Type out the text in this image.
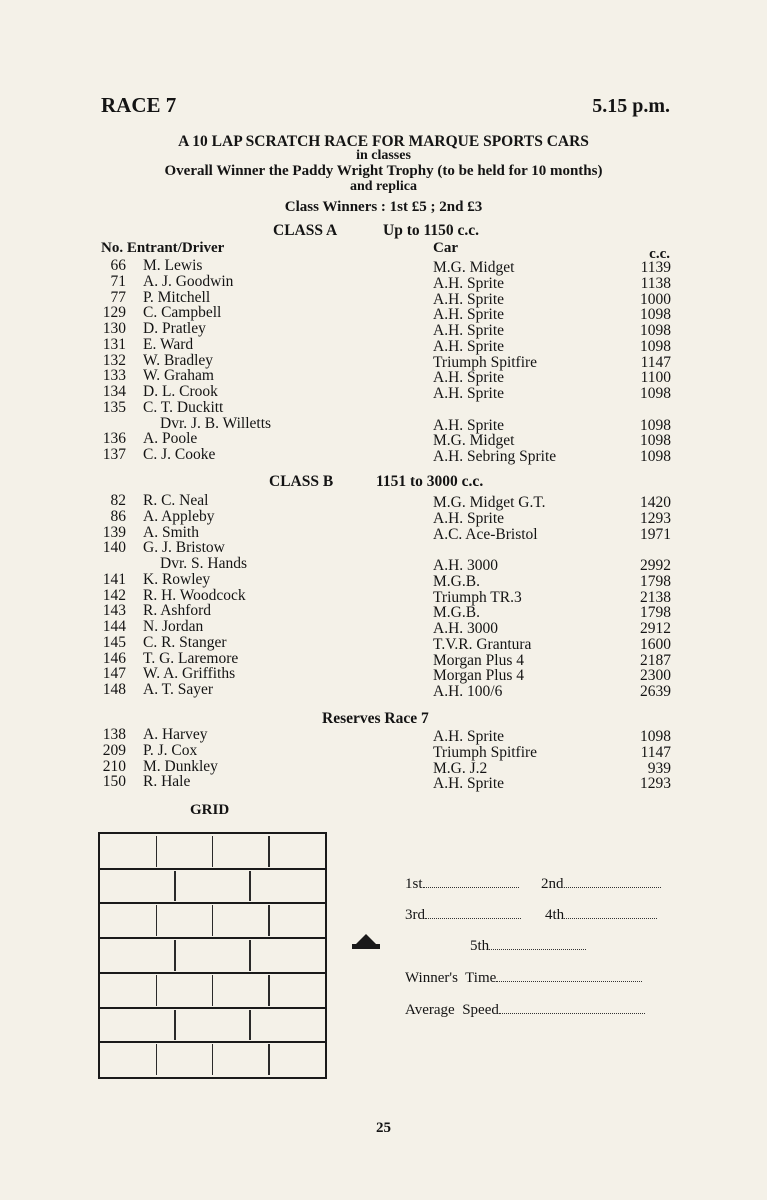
RACE 7	5.15 p.m.
A 10 LAP SCRATCH RACE FOR MARQUE SPORTS CARS
in classes
Overall Winner the Paddy Wright Trophy (to be held for 10 months)
and replica
Class Winners : 1st £5 ; 2nd £3
CLASS A	Up to 1150 c.c.
No. Entrant/Driver	Car	c.c.
66 M. Lewis	M.G. Midget	1139
71 A. J. Goodwin	A.H. Sprite	1138
77 P. Mitchell	A.H. Sprite	1000
129 C. Campbell	A.H. Sprite	1098
130 D. Pratley	A.H. Sprite	1098
131 E. Ward	A.H. Sprite	1098
132 W. Bradley	Triumph Spitfire	1147
133 W. Graham	A.H. Sprite	1100
134 D. L. Crook	A.H. Sprite	1098
135 C. T. Duckitt
Dvr. J. B. Willetts	A.H. Sprite	1098
136 A. Poole	M.G. Midget	1098
137 C. J. Cooke	A.H. Sebring Sprite	1098
CLASS B	1151 to 3000 c.c.
82 R. C. Neal	M.G. Midget G.T.	1420
86 A. Appleby	A.H. Sprite	1293
139 A. Smith	A.C. Ace-Bristol	1971
140 G. J. Bristow
Dvr. S. Hands	A.H. 3000	2992
141 K. Rowley	M.G.B.	1798
142 R. H. Woodcock	Triumph TR.3	2138
143 R. Ashford	M.G.B.	1798
144 N. Jordan	A.H. 3000	2912
145 C. R. Stanger	T.V.R. Grantura	1600
146 T. G. Laremore	Morgan Plus 4	2187
147 W. A. Griffiths	Morgan Plus 4	2300
148 A. T. Sayer	A.H. 100/6	2639
Reserves Race 7
138 A. Harvey	A.H. Sprite	1098
209 P. J. Cox	Triumph Spitfire	1147
210 M. Dunkley	M.G. J.2	939
150 R. Hale	A.H. Sprite	1293
GRID
1st	2nd
3rd	4th
5th
Winner's  Time
Average  Speed
25
